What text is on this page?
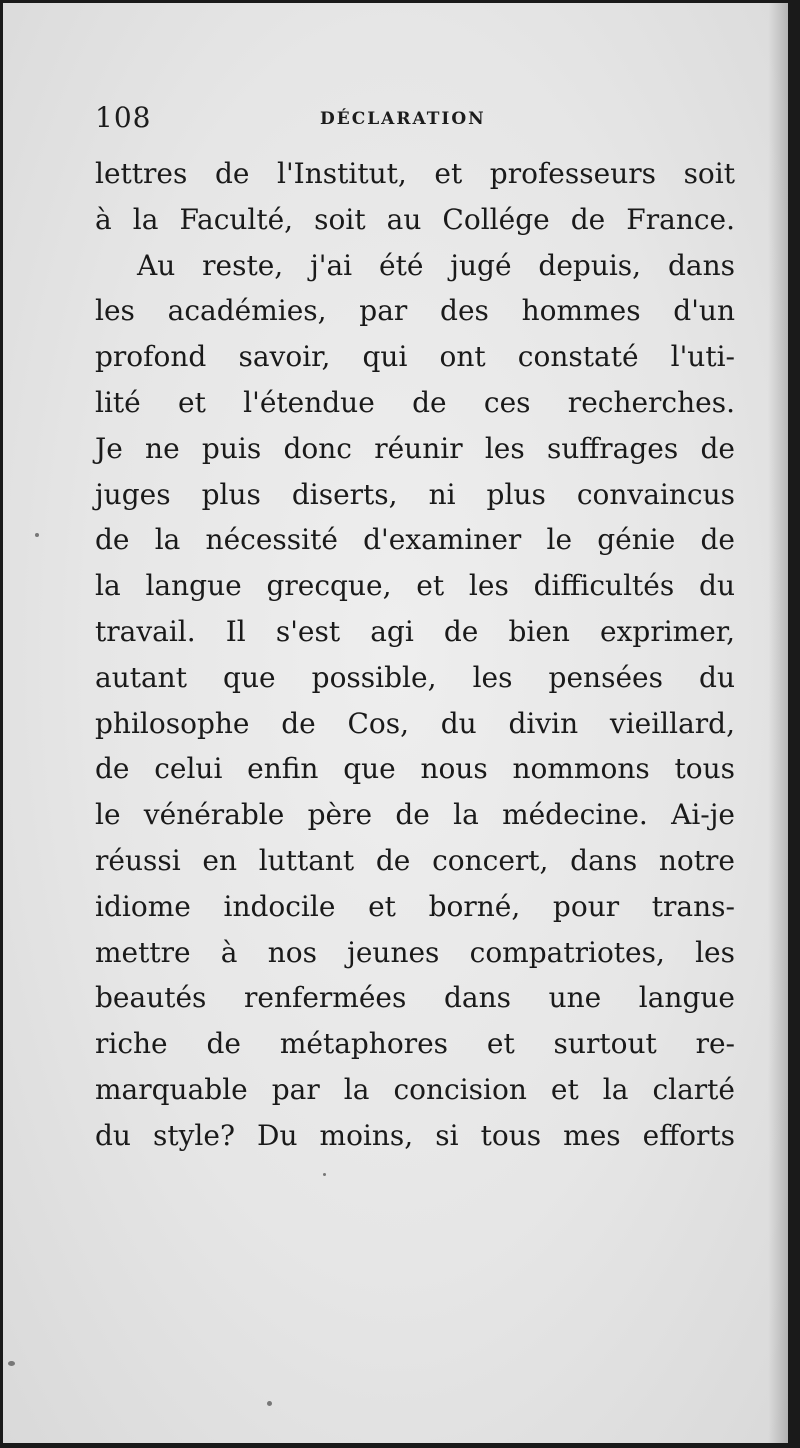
108	DÉCLARATION
lettres de l'Institut, et professeurs soit
à la Faculté, soit au Collége de France.
Au reste, j'ai été jugé depuis, dans
les académies, par des hommes d'un
profond savoir, qui ont constaté l'uti-
lité et l'étendue de ces recherches.
Je ne puis donc réunir les suffrages de
juges plus diserts, ni plus convaincus
de la nécessité d'examiner le génie de
la langue grecque, et les difficultés du
travail. Il s'est agi de bien exprimer,
autant que possible, les pensées du
philosophe de Cos, du divin vieillard,
de celui enfin que nous nommons tous
le vénérable père de la médecine. Ai-je
réussi en luttant de concert, dans notre
idiome indocile et borné, pour trans-
mettre à nos jeunes compatriotes, les
beautés renfermées dans une langue
riche de métaphores et surtout re-
marquable par la concision et la clarté
du style? Du moins, si tous mes efforts
